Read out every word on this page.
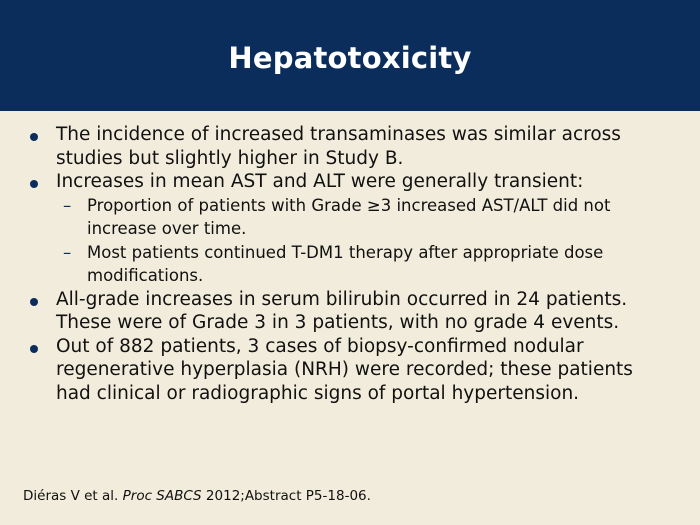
Hepatotoxicity
The incidence of increased transaminases was similar across studies but slightly higher in Study B.
Increases in mean AST and ALT were generally transient:
– Proportion of patients with Grade ≥3 increased AST/ALT did not increase over time.
– Most patients continued T-DM1 therapy after appropriate dose modifications.
All-grade increases in serum bilirubin occurred in 24 patients. These were of Grade 3 in 3 patients, with no grade 4 events.
Out of 882 patients, 3 cases of biopsy-confirmed nodular regenerative hyperplasia (NRH) were recorded; these patients had clinical or radiographic signs of portal hypertension.
Diéras V et al. Proc SABCS 2012;Abstract P5-18-06.
